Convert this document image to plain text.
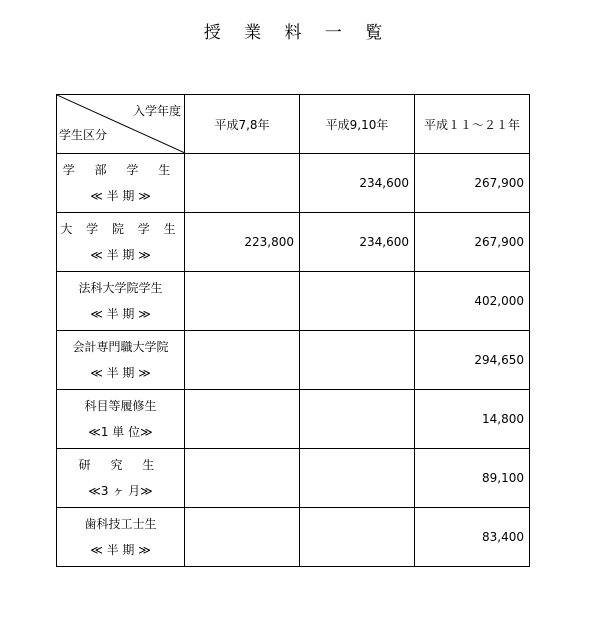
授 業 料 一 覧
入学年度
学生区分	平成7,8年	平成9,10年	平成１１～２１年

学 部 学 生
≪ 半 期 ≫		234,600	267,900

大 学 院 学 生
≪ 半 期 ≫	223,800	234,600	267,900

法科大学院学生
≪ 半 期 ≫			402,000

会計専門職大学院
≪ 半 期 ≫			294,650

科目等履修生
≪1 単 位≫			14,800

研 究 生
≪3 ヶ 月≫			89,100

歯科技工士生
≪ 半 期 ≫			83,400
